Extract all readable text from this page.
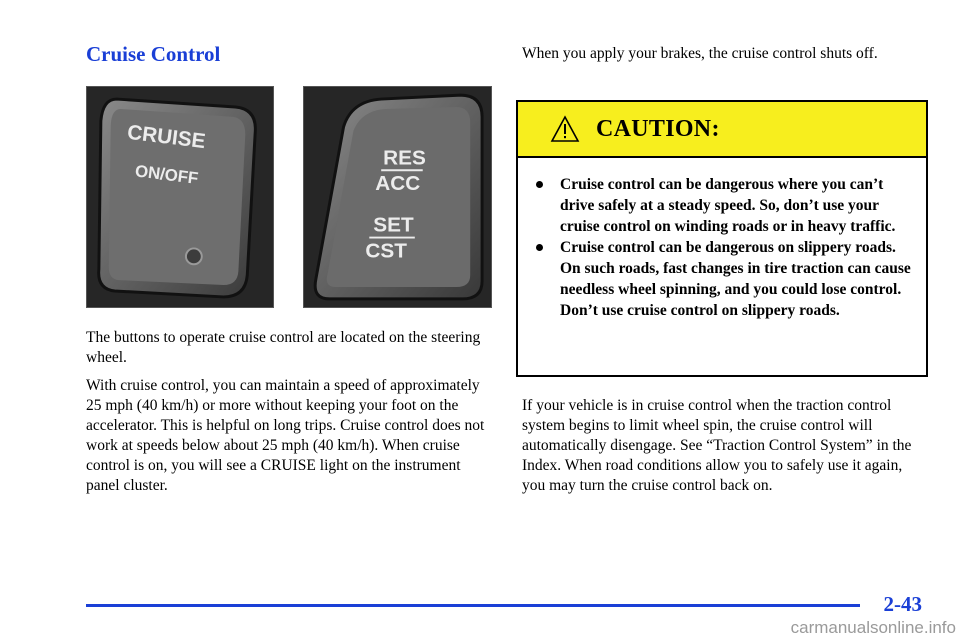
Cruise Control
CRUISE
ON/OFF
RES
ACC
SET
CST

The buttons to operate cruise control are located on the steering wheel.

With cruise control, you can maintain a speed of approximately 25 mph (40 km/h) or more without keeping your foot on the accelerator. This is helpful on long trips. Cruise control does not work at speeds below about 25 mph (40 km/h). When cruise control is on, you will see a CRUISE light on the instrument panel cluster.

When you apply your brakes, the cruise control shuts off.

CAUTION:
Cruise control can be dangerous where you can’t drive safely at a steady speed. So, don’t use your cruise control on winding roads or in heavy traffic.
Cruise control can be dangerous on slippery roads. On such roads, fast changes in tire traction can cause needless wheel spinning, and you could lose control. Don’t use cruise control on slippery roads.

If your vehicle is in cruise control when the traction control system begins to limit wheel spin, the cruise control will automatically disengage. See “Traction Control System” in the Index. When road conditions allow you to safely use it again, you may turn the cruise control back on.

2-43

carmanualsonline.info
